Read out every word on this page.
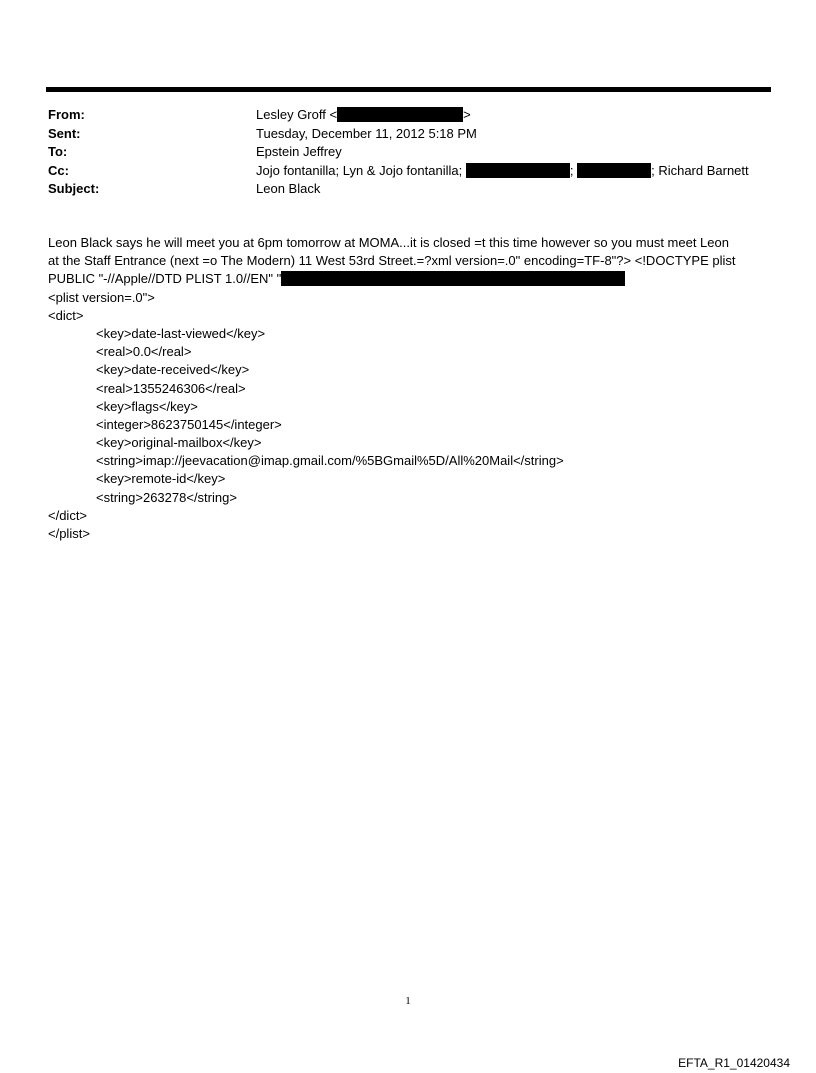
From:	Lesley Groff <	>
Sent:	Tuesday, December 11, 2012 5:18 PM
To:	Epstein Jeffrey
Cc:	Jojo fontanilla; Lyn & Jojo fontanilla;	;	; Richard Barnett
Subject:	Leon Black
Leon Black says he will meet you at 6pm tomorrow at MOMA...it is closed =t this time however so you must meet Leon
at the Staff Entrance (next =o The Modern) 11 West 53rd Street.=?xml version=.0" encoding=TF-8"?> <!DOCTYPE plist
PUBLIC "-//Apple//DTD PLIST 1.0//EN" "
<plist version=.0">
<dict>
<key>date-last-viewed</key>
<real>0.0</real>
<key>date-received</key>
<real>1355246306</real>
<key>flags</key>
<integer>8623750145</integer>
<key>original-mailbox</key>
<string>imap://jeevacation@imap.gmail.com/%5BGmail%5D/All%20Mail</string>
<key>remote-id</key>
<string>263278</string>
</dict>
</plist>
1
EFTA_R1_01420434
